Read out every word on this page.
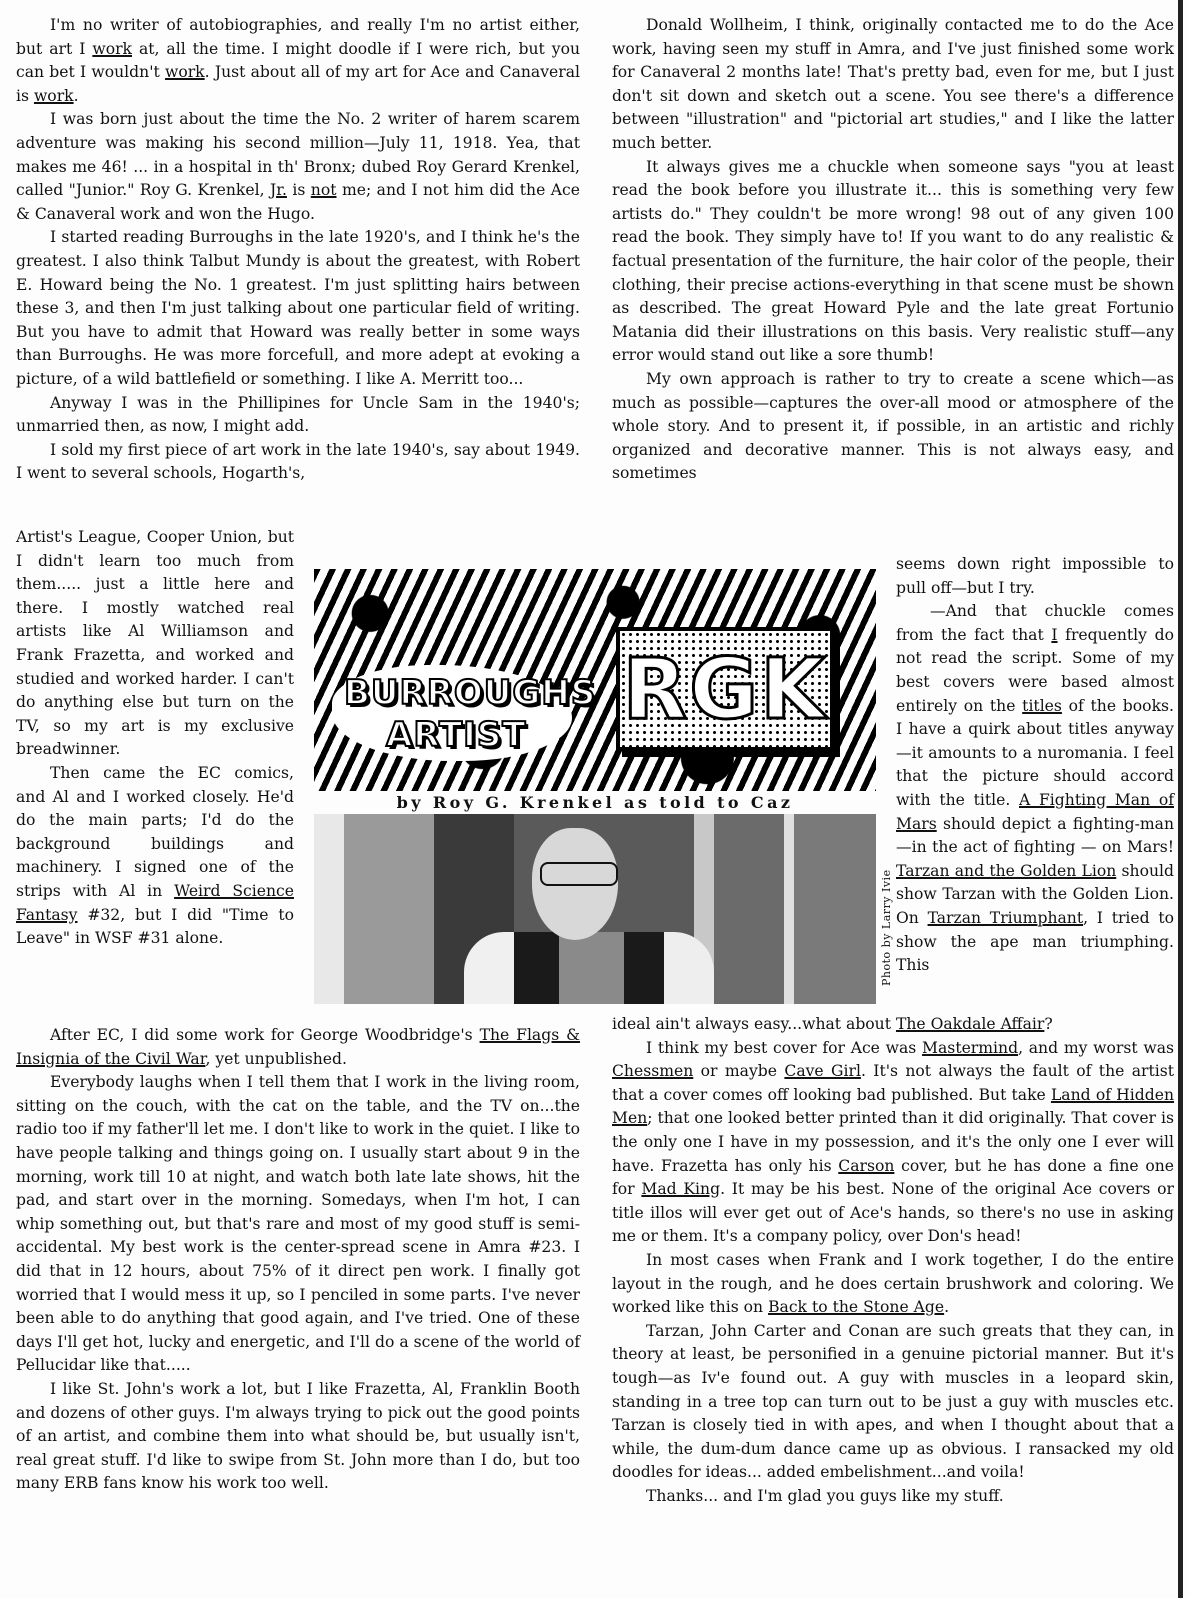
Donald Wollheim, I think, originally contacted me to do the Ace work, having seen my stuff in Amra, and I've just finished some work for Canaveral 2 months late! That's pretty bad, even for me, but I just don't sit down and sketch out a scene. You see there's a difference between "illustration" and "pictorial art studies," and I like the latter much better.

It always gives me a chuckle when someone says "you at least read the book before you illustrate it... this is something very few artists do." They couldn't be more wrong! 98 out of any given 100 read the book. They simply have to! If you want to do any realistic & factual presentation of the furniture, the hair color of the people, their clothing, their precise actions-everything in that scene must be shown as described. The great Howard Pyle and the late great Fortunio Matania did their illustrations on this basis. Very realistic stuff—any error would stand out like a sore thumb!

My own approach is rather to try to create a scene which—as much as possible—captures the over-all mood or atmosphere of the whole story. And to present it, if possible, in an artistic and richly organized and decorative manner. This is not always easy, and sometimes

I'm no writer of autobiographies, and really I'm no artist either, but art I work at, all the time. I might doodle if I were rich, but you can bet I wouldn't work. Just about all of my art for Ace and Canaveral is work.

I was born just about the time the No. 2 writer of harem scarem adventure was making his second million—July 11, 1918. Yea, that makes me 46! ... in a hospital in th' Bronx; dubed Roy Gerard Krenkel, called "Junior." Roy G. Krenkel, Jr. is not me; and I not him did the Ace & Canaveral work and won the Hugo.

I started reading Burroughs in the late 1920's, and I think he's the greatest. I also think Talbut Mundy is about the greatest, with Robert E. Howard being the No. 1 greatest. I'm just splitting hairs between these 3, and then I'm just talking about one particular field of writing. But you have to admit that Howard was really better in some ways than Burroughs. He was more forcefull, and more adept at evoking a picture, of a wild battlefield or something. I like A. Merritt too...

Anyway I was in the Phillipines for Uncle Sam in the 1940's; unmarried then, as now, I might add.

I sold my first piece of art work in the late 1940's, say about 1949. I went to several schools, Hogarth's,

Artist's League, Cooper Union, but I didn't learn too much from them..... just a little here and there. I mostly watched real artists like Al Williamson and Frank Frazetta, and worked and studied and worked harder. I can't do anything else but turn on the TV, so my art is my exclusive breadwinner.

Then came the EC comics, and Al and I worked closely. He'd do the main parts; I'd do the background buildings and machinery. I signed one of the strips with Al in Weird Science Fantasy #32, but I did "Time to Leave" in WSF #31 alone.

BURROUGHS
ARTIST RGK
by Roy G. Krenkel as told to Caz
Photo by Larry Ivie

seems down right impossible to pull off—but I try.

—And that chuckle comes from the fact that I frequently do not read the script. Some of my best covers were based almost entirely on the titles of the books. I have a quirk about titles anyway—it amounts to a nuromania. I feel that the picture should accord with the title. A Fighting Man of Mars should depict a fighting-man—in the act of fighting — on Mars! Tarzan and the Golden Lion should show Tarzan with the Golden Lion. On Tarzan Triumphant, I tried to show the ape man triumphing. This

After EC, I did some work for George Woodbridge's The Flags & Insignia of the Civil War, yet unpublished.

Everybody laughs when I tell them that I work in the living room, sitting on the couch, with the cat on the table, and the TV on...the radio too if my father'll let me. I don't like to work in the quiet. I like to have people talking and things going on. I usually start about 9 in the morning, work till 10 at night, and watch both late late shows, hit the pad, and start over in the morning. Somedays, when I'm hot, I can whip something out, but that's rare and most of my good stuff is semi-accidental. My best work is the center-spread scene in Amra #23. I did that in 12 hours, about 75% of it direct pen work. I finally got worried that I would mess it up, so I penciled in some parts. I've never been able to do anything that good again, and I've tried. One of these days I'll get hot, lucky and energetic, and I'll do a scene of the world of Pellucidar like that.....

I like St. John's work a lot, but I like Frazetta, Al, Franklin Booth and dozens of other guys. I'm always trying to pick out the good points of an artist, and combine them into what should be, but usually isn't, real great stuff. I'd like to swipe from St. John more than I do, but too many ERB fans know his work too well.

ideal ain't always easy...what about The Oakdale Affair?

I think my best cover for Ace was Mastermind, and my worst was Chessmen or maybe Cave Girl. It's not always the fault of the artist that a cover comes off looking bad published. But take Land of Hidden Men; that one looked better printed than it did originally. That cover is the only one I have in my possession, and it's the only one I ever will have. Frazetta has only his Carson cover, but he has done a fine one for Mad King. It may be his best. None of the original Ace covers or title illos will ever get out of Ace's hands, so there's no use in asking me or them. It's a company policy, over Don's head!

In most cases when Frank and I work together, I do the entire layout in the rough, and he does certain brushwork and coloring. We worked like this on Back to the Stone Age.

Tarzan, John Carter and Conan are such greats that they can, in theory at least, be personified in a genuine pictorial manner. But it's tough—as Iv'e found out. A guy with muscles in a leopard skin, standing in a tree top can turn out to be just a guy with muscles etc. Tarzan is closely tied in with apes, and when I thought about that a while, the dum-dum dance came up as obvious. I ransacked my old doodles for ideas... added embelishment...and voila!

Thanks... and I'm glad you guys like my stuff.
